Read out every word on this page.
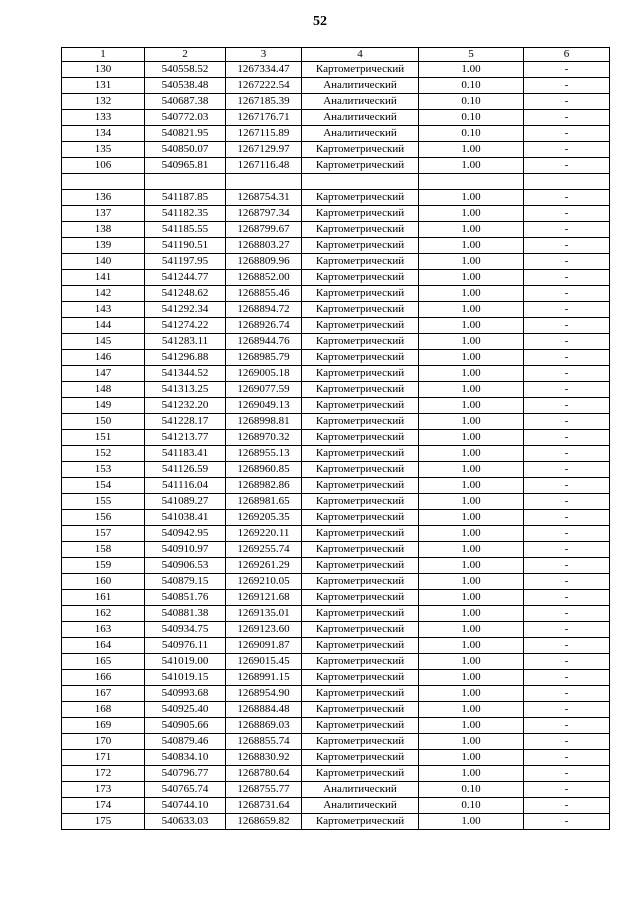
52
1	2	3	4	5	6
130	540558.52	1267334.47	Картометрический	1.00	-
131	540538.48	1267222.54	Аналитический	0.10	-
132	540687.38	1267185.39	Аналитический	0.10	-
133	540772.03	1267176.71	Аналитический	0.10	-
134	540821.95	1267115.89	Аналитический	0.10	-
135	540850.07	1267129.97	Картометрический	1.00	-
106	540965.81	1267116.48	Картометрический	1.00	-

136	541187.85	1268754.31	Картометрический	1.00	-
137	541182.35	1268797.34	Картометрический	1.00	-
138	541185.55	1268799.67	Картометрический	1.00	-
139	541190.51	1268803.27	Картометрический	1.00	-
140	541197.95	1268809.96	Картометрический	1.00	-
141	541244.77	1268852.00	Картометрический	1.00	-
142	541248.62	1268855.46	Картометрический	1.00	-
143	541292.34	1268894.72	Картометрический	1.00	-
144	541274.22	1268926.74	Картометрический	1.00	-
145	541283.11	1268944.76	Картометрический	1.00	-
146	541296.88	1268985.79	Картометрический	1.00	-
147	541344.52	1269005.18	Картометрический	1.00	-
148	541313.25	1269077.59	Картометрический	1.00	-
149	541232.20	1269049.13	Картометрический	1.00	-
150	541228.17	1268998.81	Картометрический	1.00	-
151	541213.77	1268970.32	Картометрический	1.00	-
152	541183.41	1268955.13	Картометрический	1.00	-
153	541126.59	1268960.85	Картометрический	1.00	-
154	541116.04	1268982.86	Картометрический	1.00	-
155	541089.27	1268981.65	Картометрический	1.00	-
156	541038.41	1269205.35	Картометрический	1.00	-
157	540942.95	1269220.11	Картометрический	1.00	-
158	540910.97	1269255.74	Картометрический	1.00	-
159	540906.53	1269261.29	Картометрический	1.00	-
160	540879.15	1269210.05	Картометрический	1.00	-
161	540851.76	1269121.68	Картометрический	1.00	-
162	540881.38	1269135.01	Картометрический	1.00	-
163	540934.75	1269123.60	Картометрический	1.00	-
164	540976.11	1269091.87	Картометрический	1.00	-
165	541019.00	1269015.45	Картометрический	1.00	-
166	541019.15	1268991.15	Картометрический	1.00	-
167	540993.68	1268954.90	Картометрический	1.00	-
168	540925.40	1268884.48	Картометрический	1.00	-
169	540905.66	1268869.03	Картометрический	1.00	-
170	540879.46	1268855.74	Картометрический	1.00	-
171	540834.10	1268830.92	Картометрический	1.00	-
172	540796.77	1268780.64	Картометрический	1.00	-
173	540765.74	1268755.77	Аналитический	0.10	-
174	540744.10	1268731.64	Аналитический	0.10	-
175	540633.03	1268659.82	Картометрический	1.00	-
